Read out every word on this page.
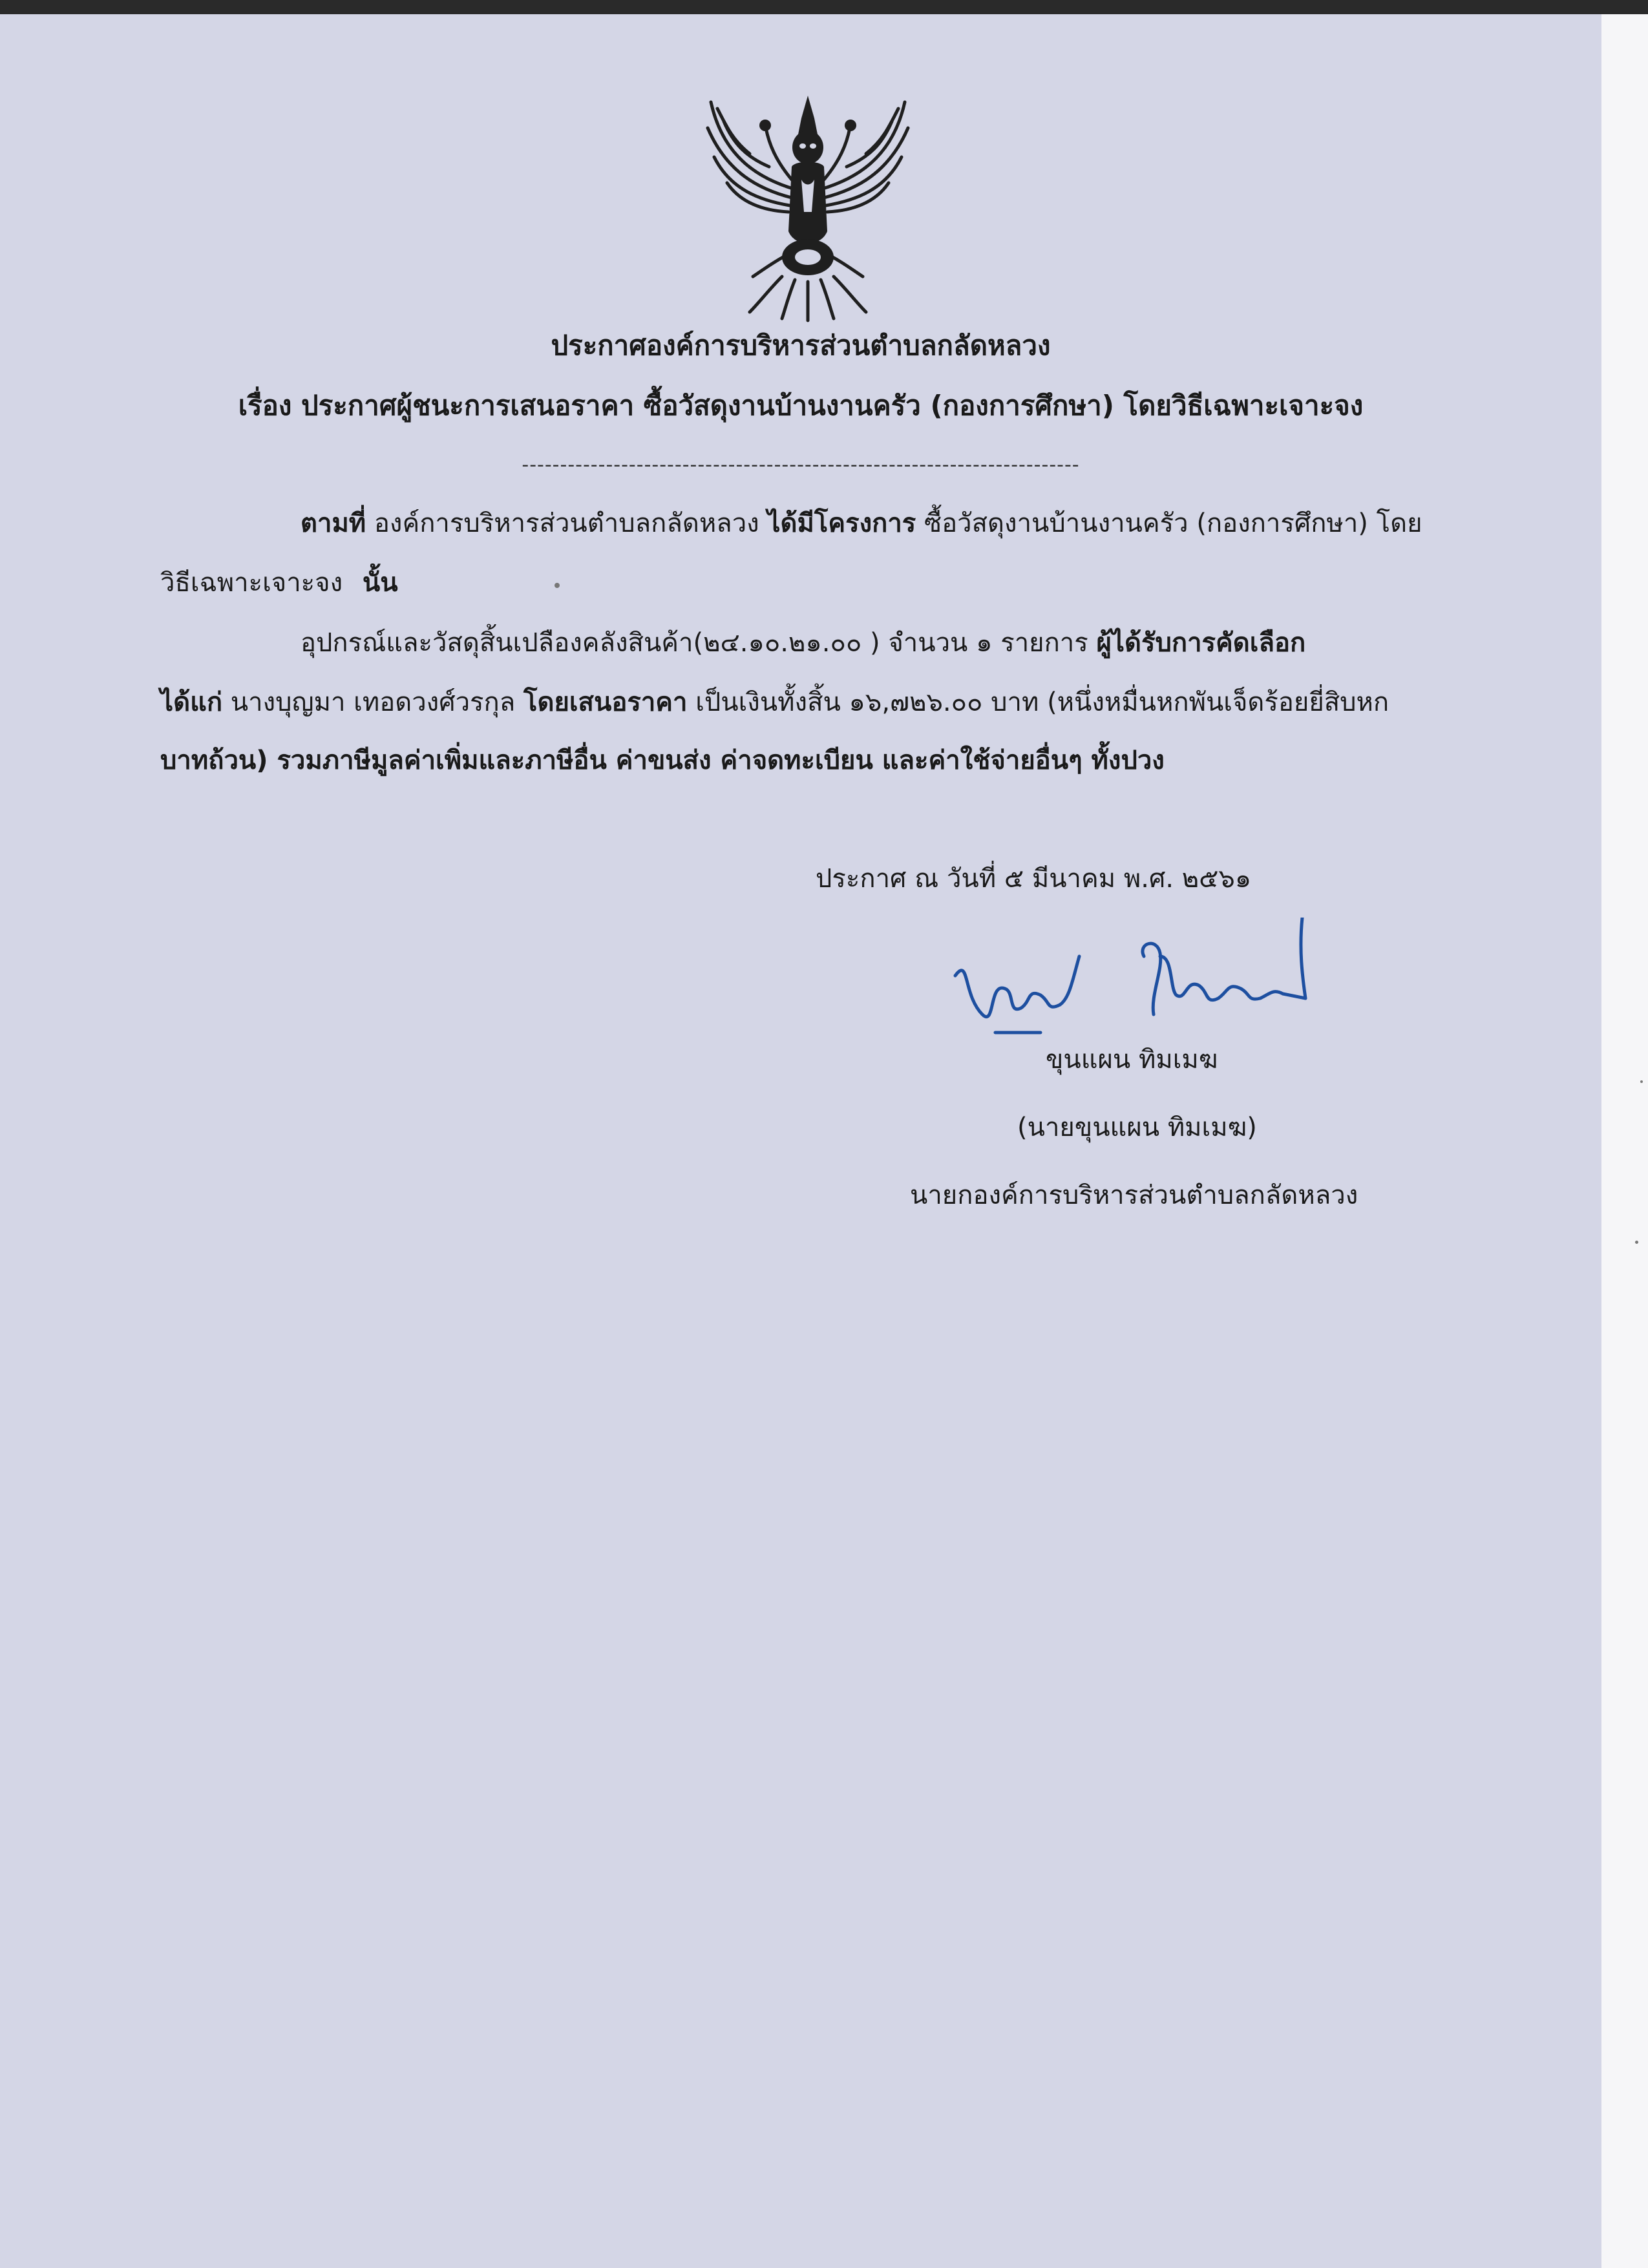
ประกาศองค์การบริหารส่วนตำบลกลัดหลวง
เรื่อง ประกาศผู้ชนะการเสนอราคา ซื้อวัสดุงานบ้านงานครัว (กองการศึกษา) โดยวิธีเฉพาะเจาะจง
-------------------------------------------------------------------------
ตามที่ องค์การบริหารส่วนตำบลกลัดหลวง ได้มีโครงการ ซื้อวัสดุงานบ้านงานครัว (กองการศึกษา) โดย
วิธีเฉพาะเจาะจง นั้น
อุปกรณ์และวัสดุสิ้นเปลืองคลังสินค้า(๒๔.๑๐.๒๑.๐๐ ) จำนวน ๑ รายการ ผู้ได้รับการคัดเลือก
ได้แก่ นางบุญมา เทอดวงศ์วรกุล โดยเสนอราคา เป็นเงินทั้งสิ้น ๑๖,๗๒๖.๐๐ บาท (หนึ่งหมื่นหกพันเจ็ดร้อยยี่สิบหก
บาทถ้วน) รวมภาษีมูลค่าเพิ่มและภาษีอื่น ค่าขนส่ง ค่าจดทะเบียน และค่าใช้จ่ายอื่นๆ ทั้งปวง
ประกาศ ณ วันที่ ๕ มีนาคม พ.ศ. ๒๕๖๑
ขุนแผน ทิมเมฆ
(นายขุนแผน ทิมเมฆ)
นายกองค์การบริหารส่วนตำบลกลัดหลวง
